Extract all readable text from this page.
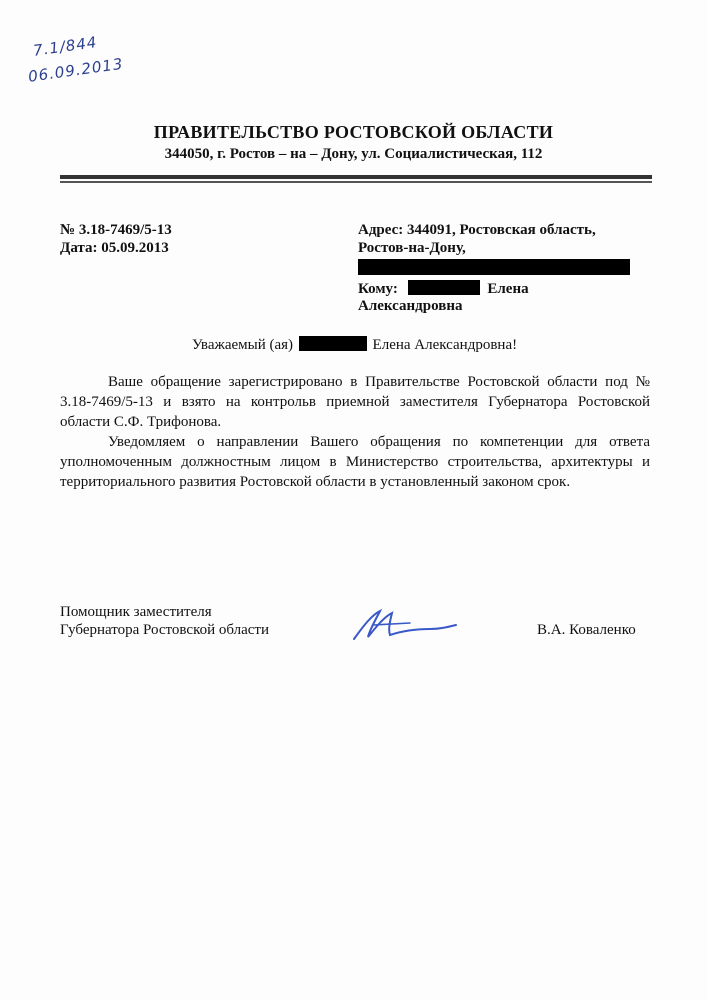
7.1/844
06.09.2013
ПРАВИТЕЛЬСТВО РОСТОВСКОЙ ОБЛАСТИ
344050, г. Ростов – на – Дону, ул. Социалистическая, 112
№ 3.18-7469/5-13
Дата: 05.09.2013
Адрес: 344091, Ростовская область,
Ростов-на-Дону,
Кому:	Елена
Александровна
Уважаемый (ая)	Елена Александровна!
Ваше обращение зарегистрировано в Правительстве Ростовской области под № 3.18-7469/5-13 и взято на контрольв приемной заместителя Губернатора Ростовской области С.Ф. Трифонова.
Уведомляем о направлении Вашего обращения по компетенции для ответа уполномоченным должностным лицом в Министерство строительства, архитектуры и территориального развития Ростовской области в установленный законом срок.
Помощник заместителя
Губернатора Ростовской области	В.А. Коваленко
